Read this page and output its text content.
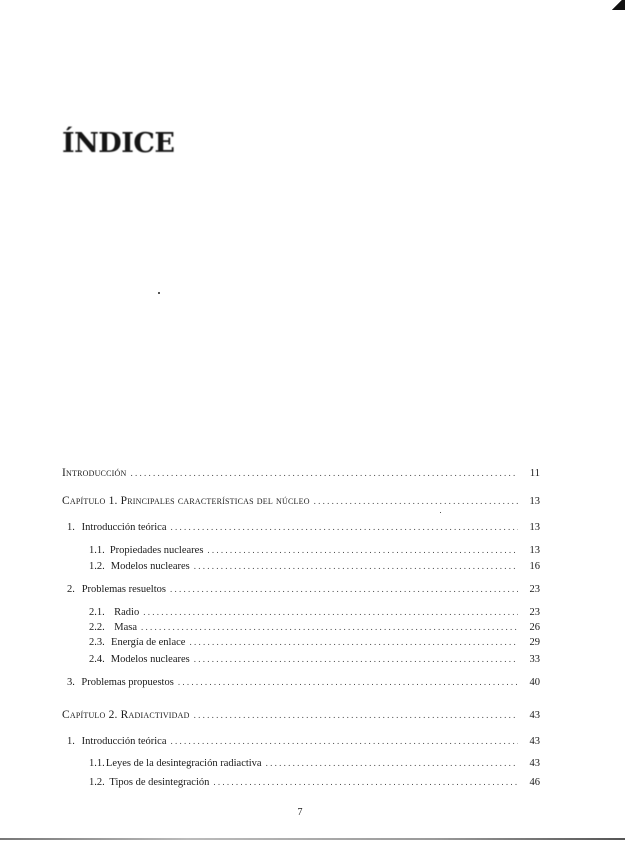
ÍNDICE
Introducción . . .	11
Capítulo 1. Principales características del núcleo . . .	13
1. Introducción teórica . . .	13
1.1. Propiedades nucleares . . .	13
1.2. Modelos nucleares . . .	16
2. Problemas resueltos . . .	23
2.1. Radio . . .	23
2.2. Masa . . .	26
2.3. Energía de enlace . . .	29
2.4. Modelos nucleares . . .	33
3. Problemas propuestos . . .	40
Capítulo 2. Radiactividad . . .	43
1. Introducción teórica . . .	43
1.1. Leyes de la desintegración radiactiva . . .	43
1.2. Tipos de desintegración . . .	46
7
